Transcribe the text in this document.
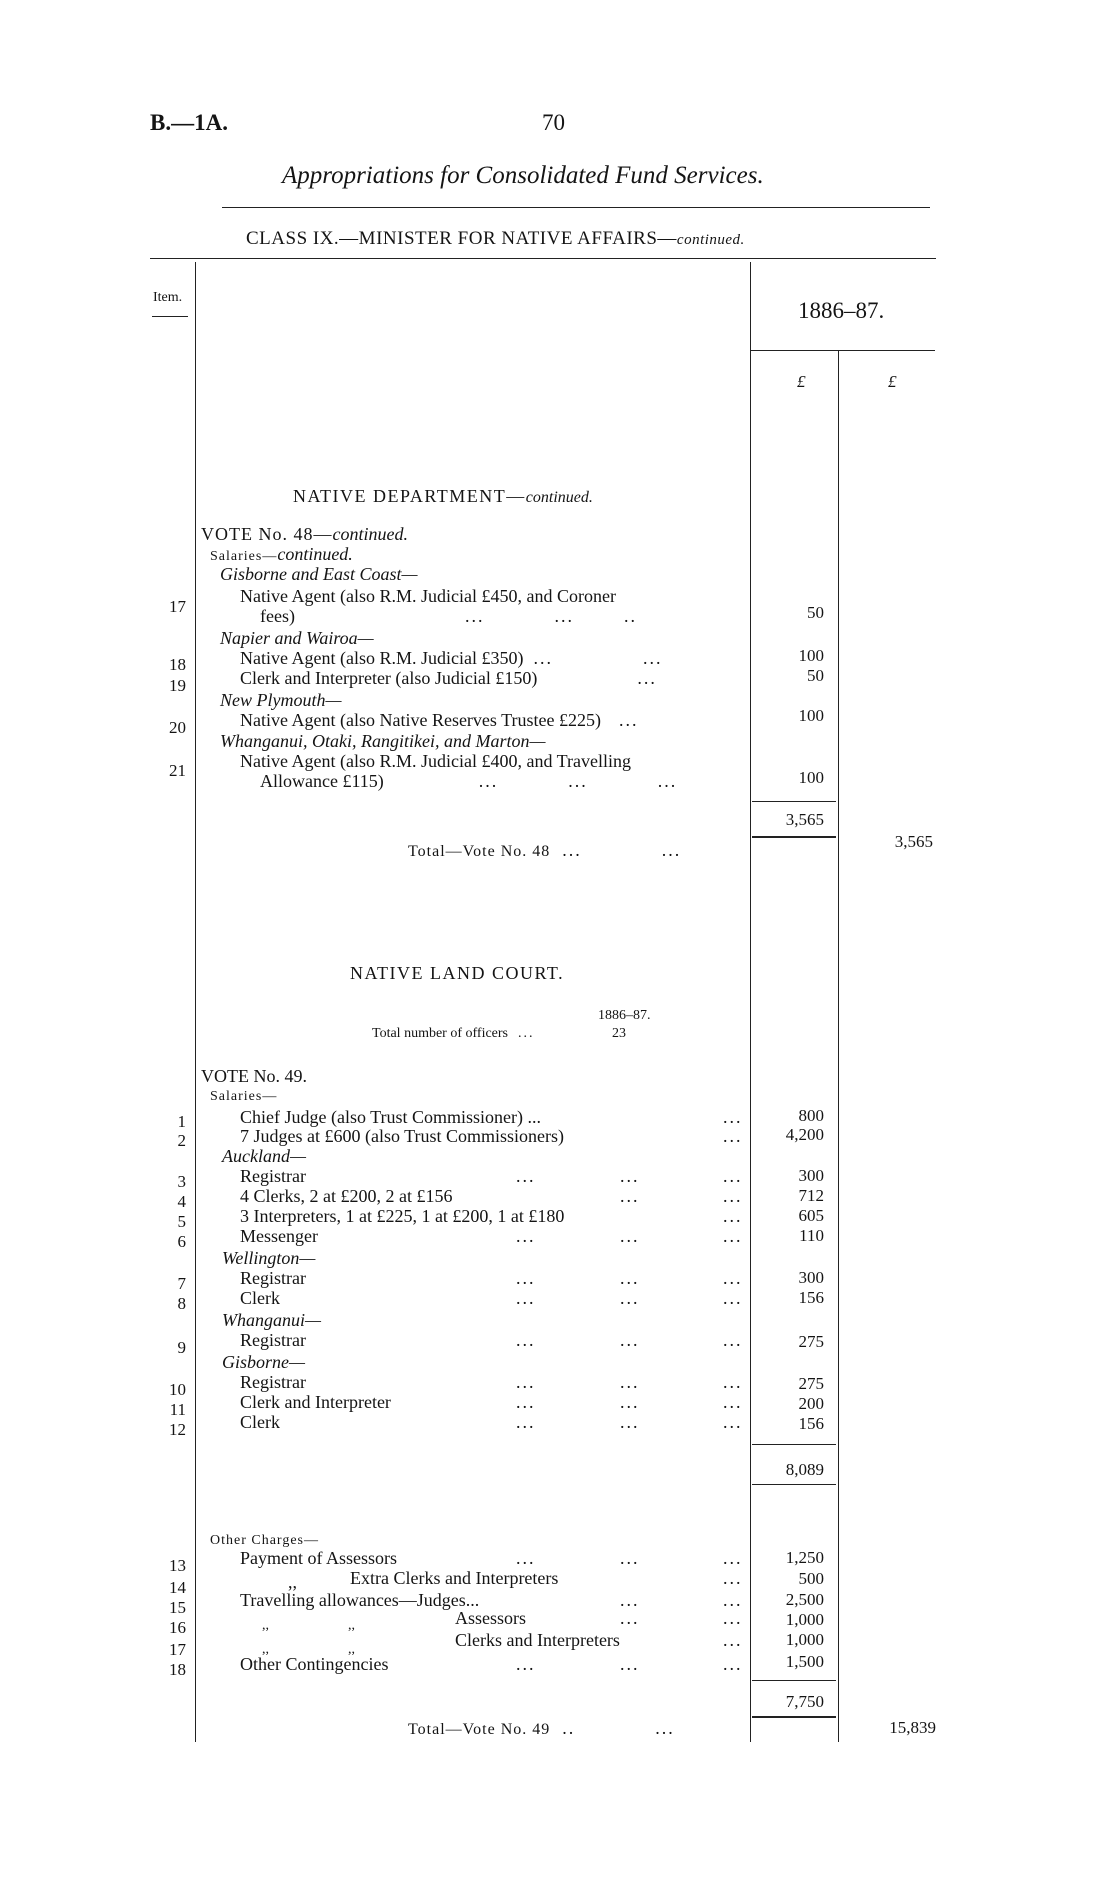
B.—1A.	70
Appropriations for Consolidated Fund Services.
CLASS IX.—MINISTER FOR NATIVE AFFAIRS—continued.
Item.
1886–87.
£	£
NATIVE DEPARTMENT—continued.
VOTE No. 48—continued.
Salaries—continued.
Gisborne and East Coast—
17
Native Agent (also R.M. Judicial £450, and Coroner
fees)	...	...	..	50
Napier and Wairoa—
18	Native Agent (also R.M. Judicial £350) ...	...	100
19	Clerk and Interpreter (also Judicial £150)	...	50
New Plymouth—
20	Native Agent (also Native Reserves Trustee £225) ...	100
Whanganui, Otaki, Rangitikei, and Marton—
21	Native Agent (also R.M. Judicial £400, and Travelling
Allowance £115)	...	...	...	100
3,565
Total—Vote No. 48 ...	...	3,565
NATIVE LAND COURT.
1886–87.
Total number of officers ...	23
VOTE No. 49.
Salaries—
1	Chief Judge (also Trust Commissioner) ...	...	800
2	7 Judges at £600 (also Trust Commissioners)	...	4,200
Auckland—
3	Registrar	...	...	...	300
4	4 Clerks, 2 at £200, 2 at £156	...	...	712
5	3 Interpreters, 1 at £225, 1 at £200, 1 at £180	...	605
6	Messenger	...	...	...	110
Wellington—
7	Registrar	...	...	...	300
8	Clerk	...	...	...	156
Whanganui—
9	Registrar	...	...	...	275
Gisborne—
10	Registrar	...	...	...	275
11	Clerk and Interpreter	...	...	...	200
12	Clerk	...	...	...	156
8,089
Other Charges—
13	Payment of Assessors	...	...	...	1,250
14	,,	Extra Clerks and Interpreters	...	500
15	Travelling allowances—Judges...	...	...	2,500
16	,,	,,	Assessors	...	...	1,000
17	,,	,,	Clerks and Interpreters	...	1,000
18	Other Contingencies	...	...	...	1,500
7,750
Total—Vote No. 49 ..	...	15,839
